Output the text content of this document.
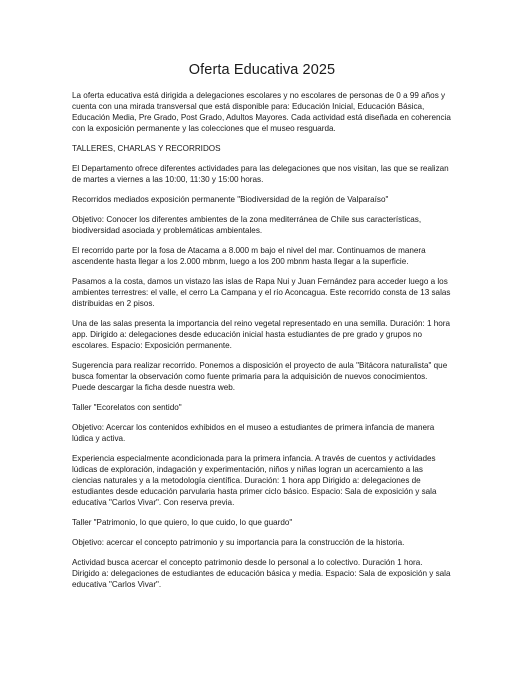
Oferta Educativa 2025

La oferta educativa está dirigida a delegaciones escolares y no escolares de personas de 0 a 99 años y cuenta con una mirada transversal que está disponible para: Educación Inicial, Educación Básica, Educación Media, Pre Grado, Post Grado, Adultos Mayores. Cada actividad está diseñada en coherencia con la exposición permanente y las colecciones que el museo resguarda.

TALLERES, CHARLAS Y RECORRIDOS

El Departamento ofrece diferentes actividades para las delegaciones que nos visitan, las que se realizan de martes a viernes a las 10:00, 11:30 y 15:00 horas.

Recorridos mediados exposición permanente "Biodiversidad de la región de Valparaíso"

Objetivo: Conocer los diferentes ambientes de la zona mediterránea de Chile sus características, biodiversidad asociada y problemáticas ambientales.

El recorrido parte por la fosa de Atacama a 8.000 m bajo el nivel del mar. Continuamos de manera ascendente hasta llegar a los 2.000 mbnm, luego a los 200 mbnm hasta llegar a la superficie.

Pasamos a la costa, damos un vistazo las islas de Rapa Nui y Juan Fernández para acceder luego a los ambientes terrestres: el valle, el cerro La Campana y el río Aconcagua. Este recorrido consta de 13 salas distribuidas en 2 pisos.

Una de las salas presenta la importancia del reino vegetal representado en una semilla. Duración: 1 hora app. Dirigido a: delegaciones desde educación inicial hasta estudiantes de pre grado y grupos no escolares. Espacio: Exposición permanente.

Sugerencia para realizar recorrido. Ponemos a disposición el proyecto de aula "Bitácora naturalista" que busca fomentar la observación como fuente primaria para la adquisición de nuevos conocimientos. Puede descargar la ficha desde nuestra web.

Taller "Ecorelatos con sentido"

Objetivo: Acercar los contenidos exhibidos en el museo a estudiantes de primera infancia de manera lúdica y activa.

Experiencia especialmente acondicionada para la primera infancia. A través de cuentos y actividades lúdicas de exploración, indagación y experimentación, niños y niñas logran un acercamiento a las ciencias naturales y a la metodología científica. Duración: 1 hora app Dirigido a: delegaciones de estudiantes desde educación parvularia hasta primer ciclo básico. Espacio: Sala de exposición y sala educativa "Carlos Vivar". Con reserva previa.

Taller "Patrimonio, lo que quiero, lo que cuido, lo que guardo"

Objetivo: acercar el concepto patrimonio y su importancia para la construcción de la historia.

Actividad busca acercar el concepto patrimonio desde lo personal a lo colectivo. Duración 1 hora. Dirigido a: delegaciones de estudiantes de educación básica y media. Espacio: Sala de exposición y sala educativa "Carlos Vivar".
